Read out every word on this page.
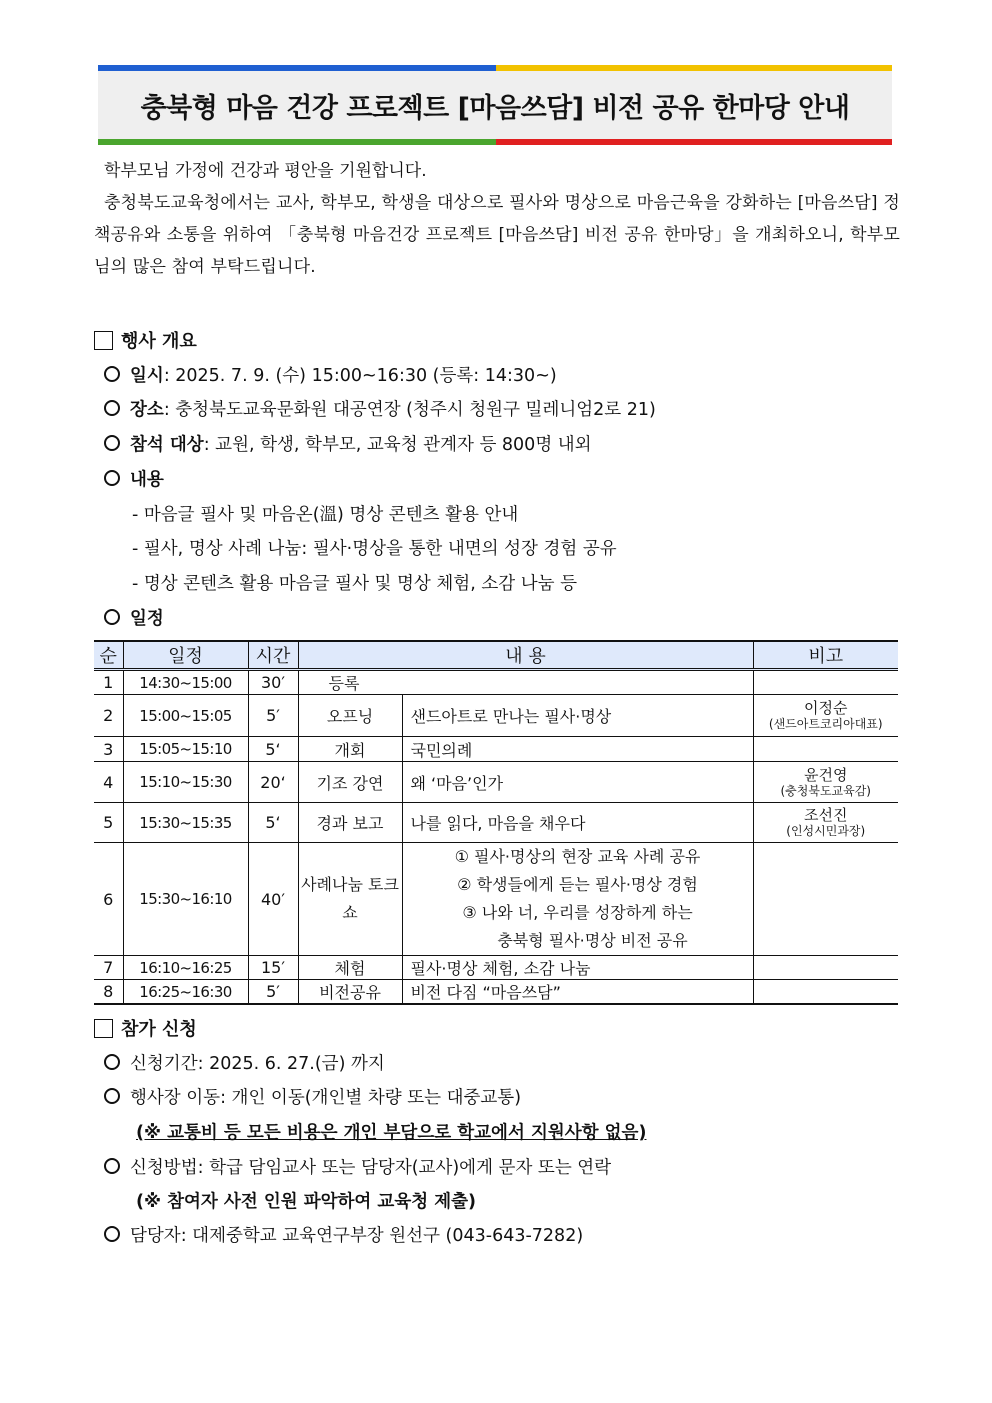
충북형 마음 건강 프로젝트 [마음쓰담] 비전 공유 한마당 안내
학부모님 가정에 건강과 평안을 기원합니다.
충청북도교육청에서는 교사, 학부모, 학생을 대상으로 필사와 명상으로 마음근육을 강화하는 [마음쓰담] 정책공유와 소통을 위하여 「충북형 마음건강 프로젝트 [마음쓰담] 비전 공유 한마당」을 개최하오니, 학부모님의 많은 참여 부탁드립니다.
행사 개요
일시: 2025. 7. 9. (수) 15:00~16:30 (등록: 14:30~)
장소: 충청북도교육문화원 대공연장 (청주시 청원구 밀레니엄2로 21)
참석 대상: 교원, 학생, 학부모, 교육청 관계자 등 800명 내외
내용
- 마음글 필사 및 마음온(溫) 명상 콘텐츠 활용 안내
- 필사, 명상 사례 나눔: 필사·명상을 통한 내면의 성장 경험 공유
- 명상 콘텐츠 활용 마음글 필사 및 명상 체험, 소감 나눔 등
일정
순	일정	시간	내 용		비고
1	14:30~15:00	30′	등록		
2	15:00~15:05	5′	오프닝	샌드아트로 만나는 필사·명상	이정순
(샌드아트코리아대표)

3	15:05~15:10	5‘	개회	국민의례	
4	15:10~15:30	20‘	기조 강연	왜 ‘마음’인가	윤건영
(충청북도교육감)

5	15:30~15:35	5‘	경과 보고	나를 읽다, 마음을 채우다	조선진
(인성시민과장)

6	15:30~16:10	40′	사례나눔 토크쇼	① 필사·명상의 현장 교육 사례 공유
② 학생들에게 듣는 필사·명상 경험
③ 나와 너, 우리를 성장하게 하는
충북형 필사·명상 비전 공유	

7	16:10~16:25	15′	체험	필사·명상 체험, 소감 나눔	
8	16:25~16:30	5′	비전공유	비전 다짐 “마음쓰담”	
참가 신청
신청기간: 2025. 6. 27.(금) 까지
행사장 이동: 개인 이동(개인별 차량 또는 대중교통)
(※ 교통비 등 모든 비용은 개인 부담으로 학교에서 지원사항 없음)
신청방법: 학급 담임교사 또는 담당자(교사)에게 문자 또는 연락
(※ 참여자 사전 인원 파악하여 교육청 제출)
담당자: 대제중학교 교육연구부장 원선구 (043-643-7282)
